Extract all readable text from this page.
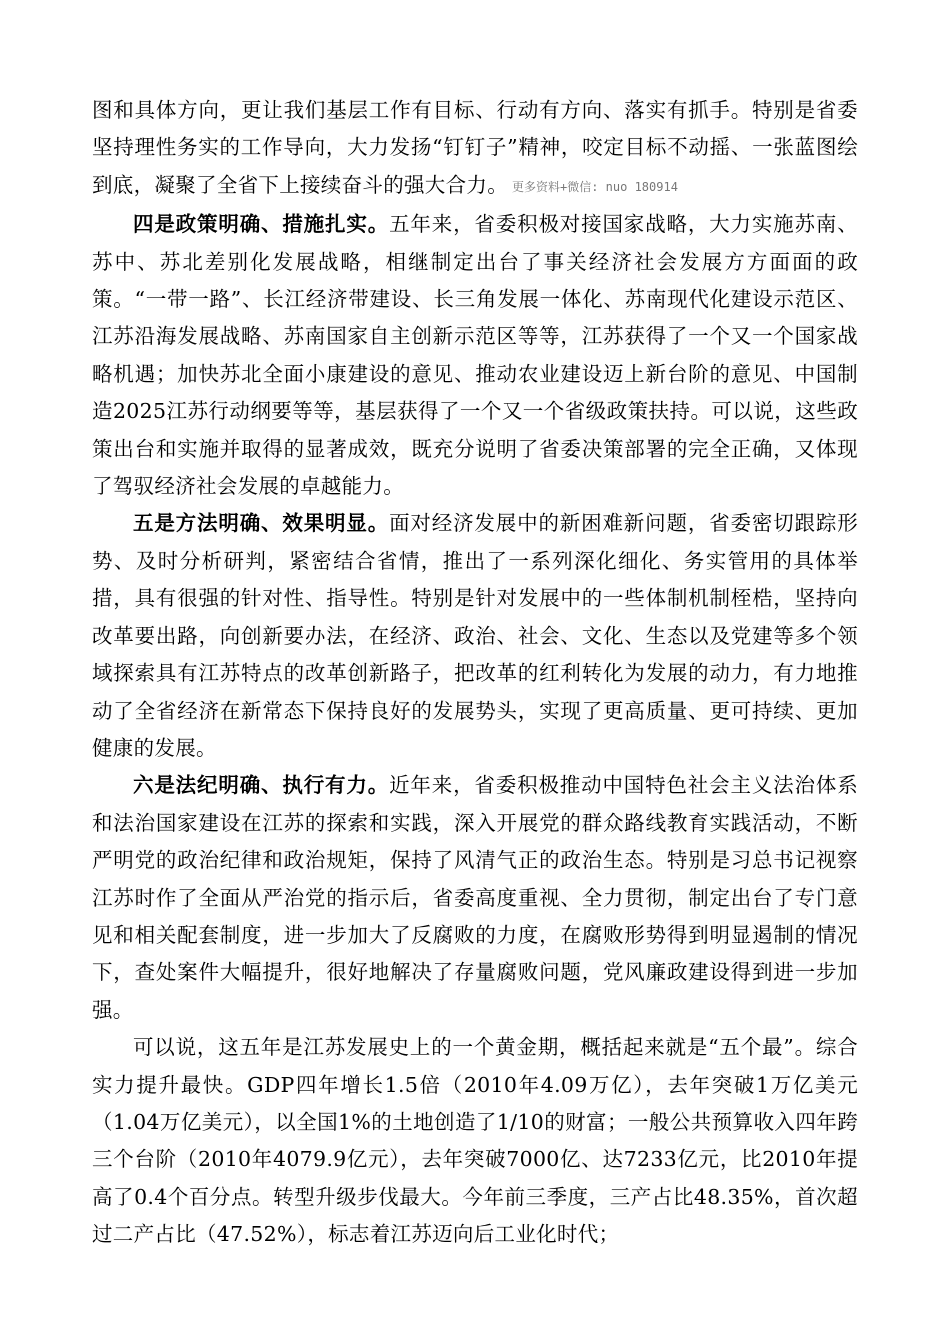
图和具体方向，更让我们基层工作有目标、行动有方向、落实有抓手。特别是省委坚持理性务实的工作导向，大力发扬“钉钉子”精神，咬定目标不动摇、一张蓝图绘到底，凝聚了全省下上接续奋斗的强大合力。 更多资料+微信: nuo 180914

四是政策明确、措施扎实。五年来，省委积极对接国家战略，大力实施苏南、苏中、苏北差别化发展战略，相继制定出台了事关经济社会发展方方面面的政策。“一带一路”、长江经济带建设、长三角发展一体化、苏南现代化建设示范区、江苏沿海发展战略、苏南国家自主创新示范区等等，江苏获得了一个又一个国家战略机遇；加快苏北全面小康建设的意见、推动农业建设迈上新台阶的意见、中国制造2025江苏行动纲要等等，基层获得了一个又一个省级政策扶持。可以说，这些政策出台和实施并取得的显著成效，既充分说明了省委决策部署的完全正确，又体现了驾驭经济社会发展的卓越能力。

五是方法明确、效果明显。面对经济发展中的新困难新问题，省委密切跟踪形势、及时分析研判，紧密结合省情，推出了一系列深化细化、务实管用的具体举措，具有很强的针对性、指导性。特别是针对发展中的一些体制机制桎梏，坚持向改革要出路，向创新要办法，在经济、政治、社会、文化、生态以及党建等多个领域探索具有江苏特点的改革创新路子，把改革的红利转化为发展的动力，有力地推动了全省经济在新常态下保持良好的发展势头，实现了更高质量、更可持续、更加健康的发展。

六是法纪明确、执行有力。近年来，省委积极推动中国特色社会主义法治体系和法治国家建设在江苏的探索和实践，深入开展党的群众路线教育实践活动，不断严明党的政治纪律和政治规矩，保持了风清气正的政治生态。特别是习总书记视察江苏时作了全面从严治党的指示后，省委高度重视、全力贯彻，制定出台了专门意见和相关配套制度，进一步加大了反腐败的力度，在腐败形势得到明显遏制的情况下，查处案件大幅提升，很好地解决了存量腐败问题，党风廉政建设得到进一步加强。

可以说，这五年是江苏发展史上的一个黄金期，概括起来就是“五个最”。综合实力提升最快。GDP四年增长1.5倍（2010年4.09万亿），去年突破1万亿美元（1.04万亿美元），以全国1%的土地创造了1/10的财富；一般公共预算收入四年跨三个台阶（2010年4079.9亿元），去年突破7000亿、达7233亿元，比2010年提高了0.4个百分点。转型升级步伐最大。今年前三季度，三产占比48.35%，首次超过二产占比（47.52%），标志着江苏迈向后工业化时代；
